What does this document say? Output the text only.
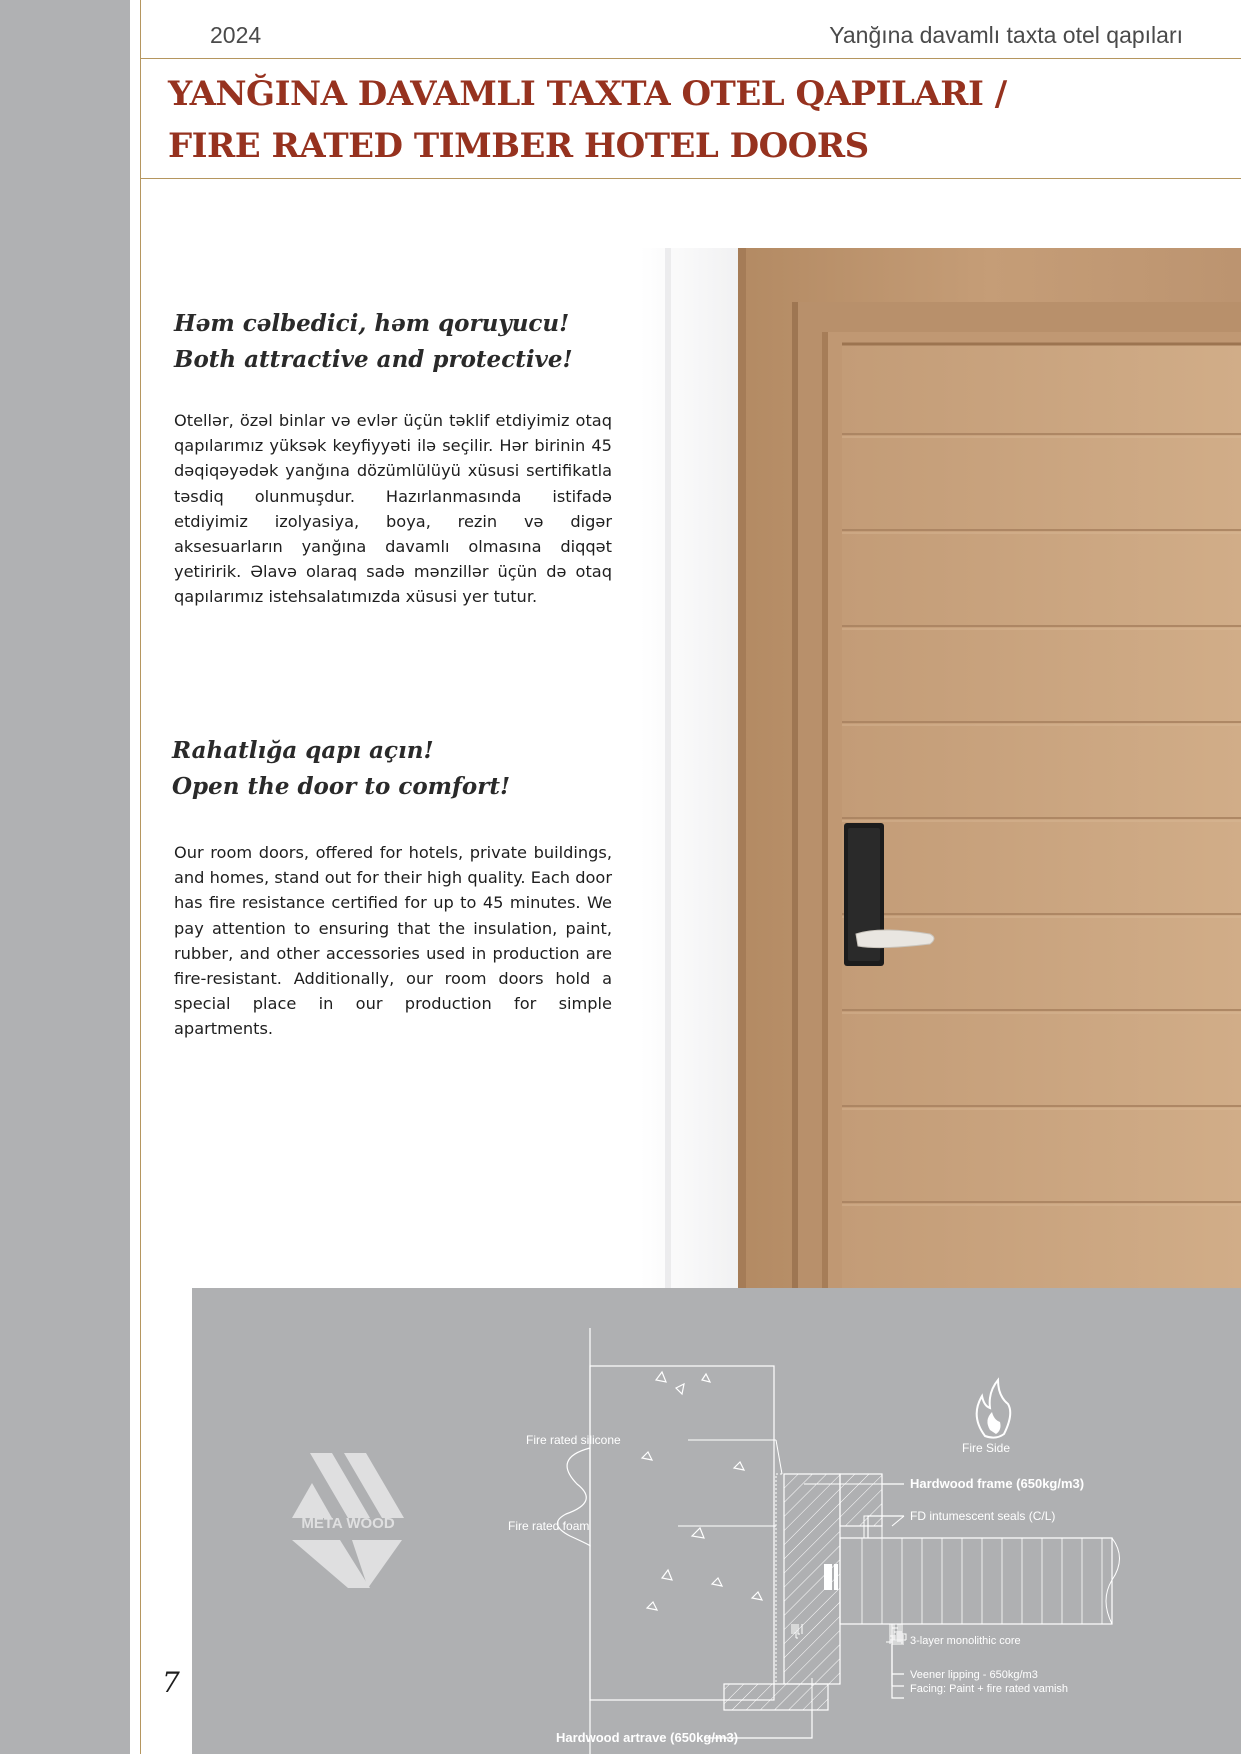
2024	Yanğına davamlı taxta otel qapıları
YANĞINA DAVAMLI TAXTA OTEL QAPILARI /
FIRE RATED TIMBER HOTEL DOORS
Həm cəlbedici, həm qoruyucu!
Both attractive and protective!

Otellər, özəl binlar və evlər üçün təklif etdiyimiz otaq qapılarımız yüksək keyfiyyəti ilə seçilir. Hər birinin 45 dəqiqəyədək yanğına dözümlülüyü xüsusi sertifikatla təsdiq olunmuşdur. Hazırlanmasında istifadə etdiyimiz izolyasiya, boya, rezin və digər aksesuarların yanğına davamlı olmasına diqqət yetiririk. Əlavə olaraq sadə mənzillər üçün də otaq qapılarımız istehsalatımızda xüsusi yer tutur.

Rahatlığa qapı açın!
Open the door to comfort!

Our room doors, offered for hotels, private buildings, and homes, stand out for their high quality. Each door has fire resistance certified for up to 45 minutes. We pay attention to ensuring that the insulation, paint, rubber, and other accessories used in production are fire-resistant. Additionally, our room doors hold a special place in our production for simple apartments.

META WOOD
Fire Side
Fire rated silicone
Fire rated foam
Hardwood frame (650kg/m3)
FD intumescent seals (C/L)
3-layer monolithic core
Veener lipping - 650kg/m3
Facing: Paint + fire rated vamish
Hardwood artrave (650kg/m3)
7
